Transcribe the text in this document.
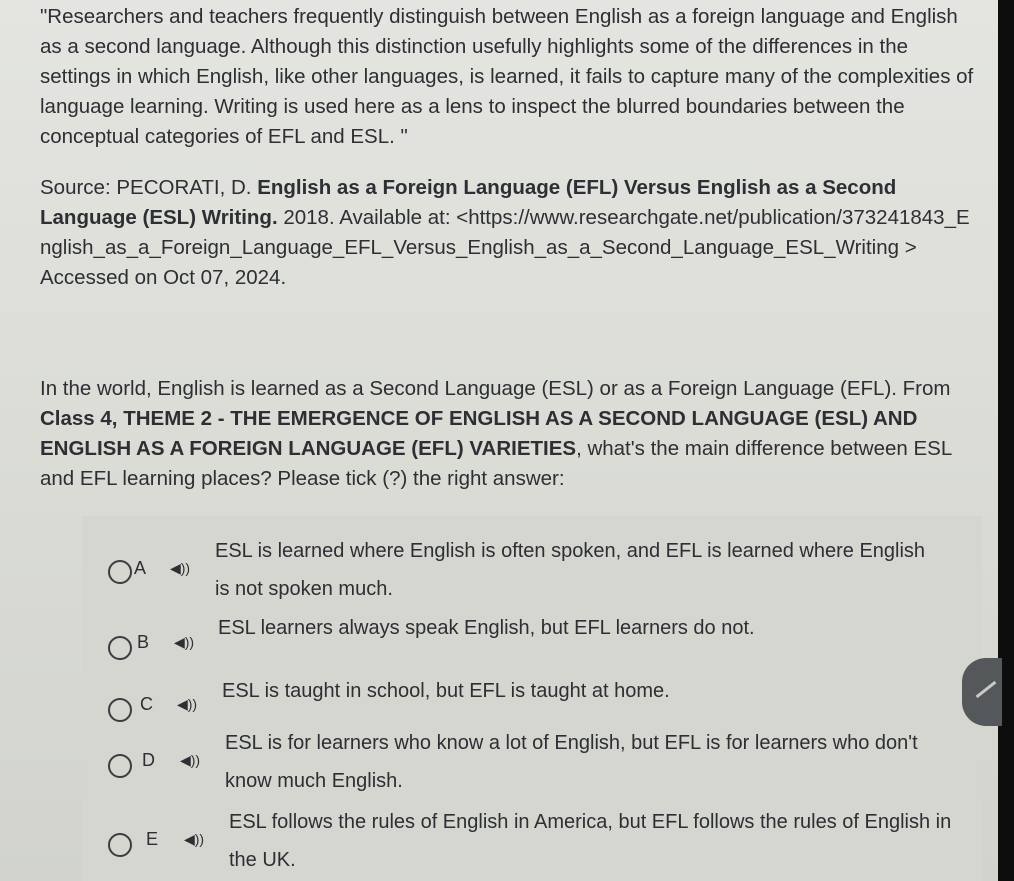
"Researchers and teachers frequently distinguish between English as a foreign language and English as a second language. Although this distinction usefully highlights some of the differences in the settings in which English, like other languages, is learned, it fails to capture many of the complexities of language learning. Writing is used here as a lens to inspect the blurred boundaries between the conceptual categories of EFL and ESL. "
Source: PECORATI, D. English as a Foreign Language (EFL) Versus English as a Second Language (ESL) Writing. 2018. Available at: <https://www.researchgate.net/publication/373241843_English_as_a_Foreign_Language_EFL_Versus_English_as_a_Second_Language_ESL_Writing > Accessed on Oct 07, 2024.
In the world, English is learned as a Second Language (ESL) or as a Foreign Language (EFL). From Class 4, THEME 2 - THE EMERGENCE OF ENGLISH AS A SECOND LANGUAGE (ESL) AND ENGLISH AS A FOREIGN LANGUAGE (EFL) VARIETIES, what's the main difference between ESL and EFL learning places? Please tick (?) the right answer:
A ◀))
ESL is learned where English is often spoken, and EFL is learned where English is not spoken much.
B ◀))
ESL learners always speak English, but EFL learners do not.
C ◀))
ESL is taught in school, but EFL is taught at home.
D ◀))
ESL is for learners who know a lot of English, but EFL is for learners who don't know much English.
E ◀))
ESL follows the rules of English in America, but EFL follows the rules of English in the UK.
